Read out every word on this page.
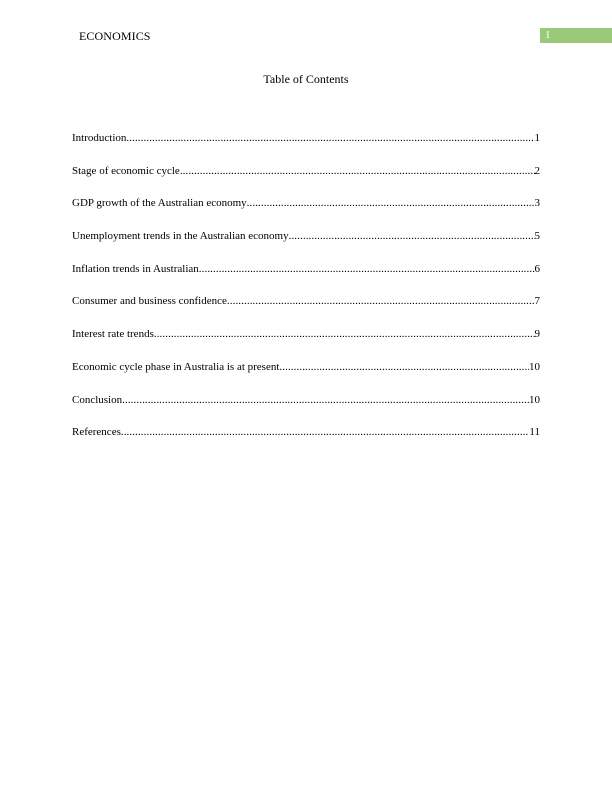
ECONOMICS	1
Table of Contents
Introduction .....	1
Stage of economic cycle .....	2
GDP growth of the Australian economy .....	3
Unemployment trends in the Australian economy .....	5
Inflation trends in Australian .....	6
Consumer and business confidence .....	7
Interest rate trends .....	9
Economic cycle phase in Australia is at present .....	10
Conclusion .....	10
References .....	11
